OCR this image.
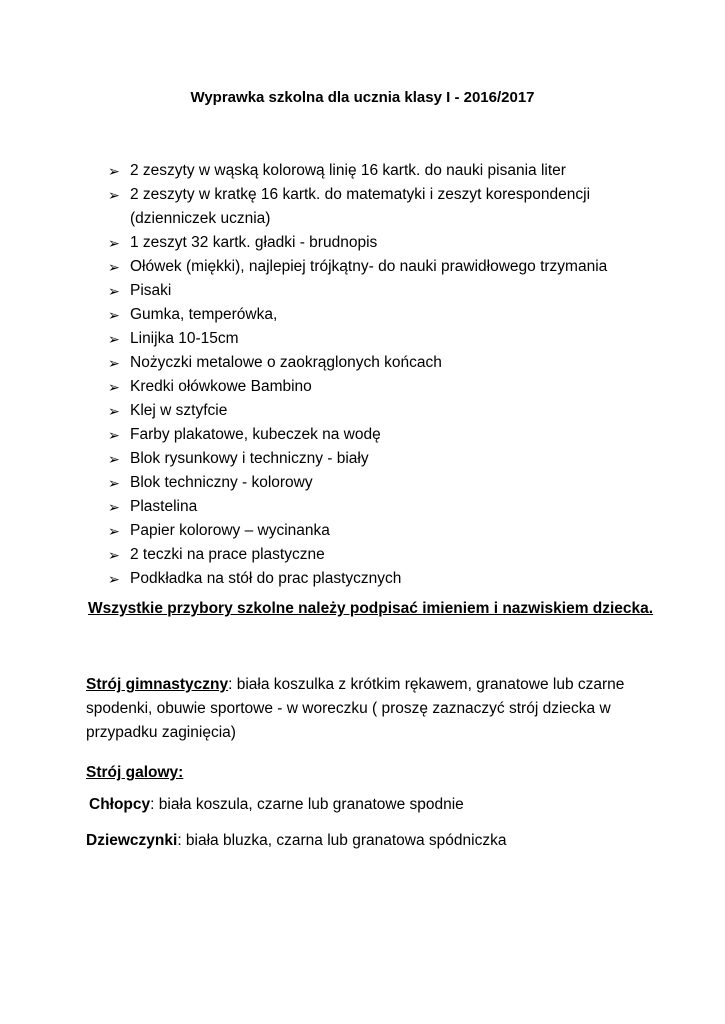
Wyprawka szkolna dla ucznia klasy I - 2016/2017
➢ 2 zeszyty w wąską kolorową linię 16 kartk. do nauki pisania liter
➢ 2 zeszyty w kratkę 16 kartk. do matematyki i zeszyt korespondencji (dzienniczek ucznia)
➢ 1 zeszyt 32 kartk. gładki - brudnopis
➢ Ołówek (miękki), najlepiej trójkątny- do nauki prawidłowego trzymania
➢ Pisaki
➢ Gumka, temperówka,
➢ Linijka 10-15cm
➢ Nożyczki metalowe o zaokrąglonych końcach
➢ Kredki ołówkowe Bambino
➢ Klej w sztyfcie
➢ Farby plakatowe, kubeczek na wodę
➢ Blok rysunkowy i techniczny - biały
➢ Blok techniczny - kolorowy
➢ Plastelina
➢ Papier kolorowy – wycinanka
➢ 2 teczki na prace plastyczne
➢ Podkładka na stół do prac plastycznych
Wszystkie przybory szkolne należy podpisać imieniem i nazwiskiem dziecka.
Strój gimnastyczny: biała koszulka z krótkim rękawem, granatowe lub czarne spodenki, obuwie sportowe - w woreczku ( proszę zaznaczyć strój dziecka w przypadku zaginięcia)
Strój galowy:
Chłopcy: biała koszula, czarne lub granatowe spodnie
Dziewczynki: biała bluzka, czarna lub granatowa spódniczka
